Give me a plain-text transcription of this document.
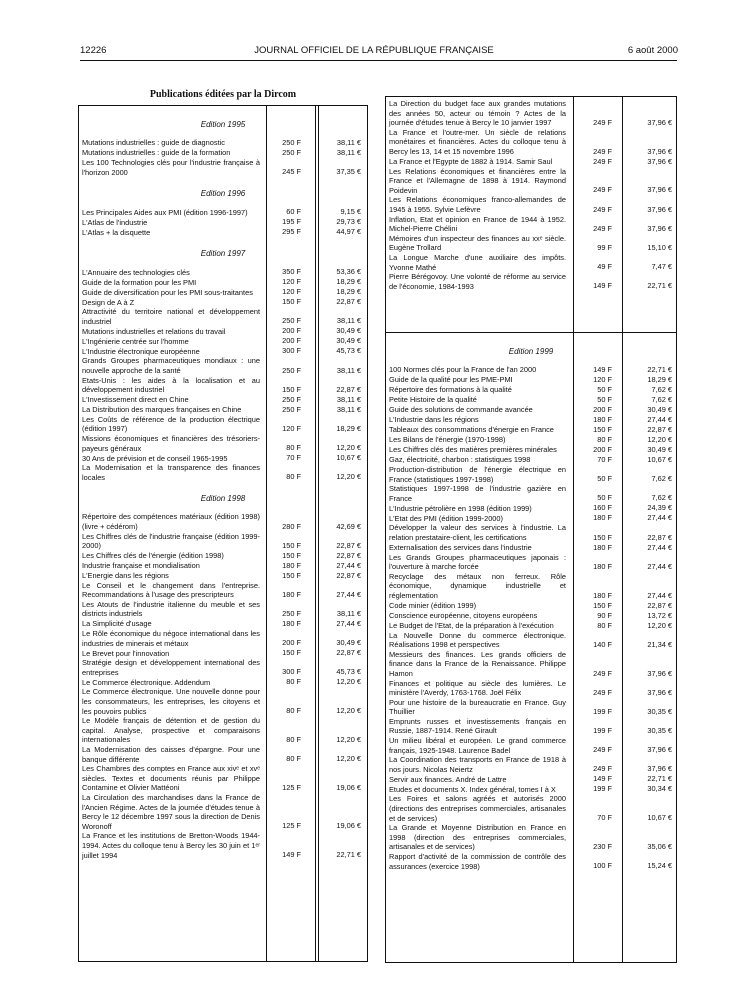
12226	JOURNAL OFFICIEL DE LA RÉPUBLIQUE FRANÇAISE	6 août 2000
Publications éditées par la Dircom
Edition 1995
Mutations industrielles : guide de diagnostic	250 F	38,11 €
Mutations industrielles : guide de la formation	250 F	38,11 €
Les 100 Technologies clés pour l'industrie française à l'horizon 2000	245 F	37,35 €
Edition 1996
Les Principales Aides aux PMI (édition 1996-1997)	60 F	9,15 €
L'Atlas de l'industrie	195 F	29,73 €
L'Atlas + la disquette	295 F	44,97 €
Edition 1997
L'Annuaire des technologies clés	350 F	53,36 €
Guide de la formation pour les PMI	120 F	18,29 €
Guide de diversification pour les PMI sous-traitantes	120 F	18,29 €
Design de A à Z	150 F	22,87 €
Attractivité du territoire national et développement industriel	250 F	38,11 €
Mutations industrielles et relations du travail	200 F	30,49 €
L'Ingénierie centrée sur l'homme	200 F	30,49 €
L'Industrie électronique européenne	300 F	45,73 €
Grands Groupes pharmaceutiques mondiaux : une nouvelle approche de la santé	250 F	38,11 €
Etats-Unis : les aides à la localisation et au développement industriel	150 F	22,87 €
L'Investissement direct en Chine	250 F	38,11 €
La Distribution des marques françaises en Chine	250 F	38,11 €
Les Coûts de référence de la production électrique (édition 1997)	120 F	18,29 €
Missions économiques et financières des trésoriers-payeurs généraux	80 F	12,20 €
30 Ans de prévision et de conseil 1965-1995	70 F	10,67 €
La Modernisation et la transparence des finances locales	80 F	12,20 €
Edition 1998
Répertoire des compétences matériaux (édition 1998) (livre + cédérom)	280 F	42,69 €
Les Chiffres clés de l'industrie française (édition 1999-2000)	150 F	22,87 €
Les Chiffres clés de l'énergie (édition 1998)	150 F	22,87 €
Industrie française et mondialisation	180 F	27,44 €
L'Energie dans les régions	150 F	22,87 €
Le Conseil et le changement dans l'entreprise. Recommandations à l'usage des prescripteurs	180 F	27,44 €
Les Atouts de l'industrie italienne du meuble et ses districts industriels	250 F	38,11 €
La Simplicité d'usage	180 F	27,44 €
Le Rôle économique du négoce international dans les industries de minerais et métaux	200 F	30,49 €
Le Brevet pour l'innovation	150 F	22,87 €
Stratégie design et développement international des entreprises	300 F	45,73 €
Le Commerce électronique. Addendum	80 F	12,20 €
Le Commerce électronique. Une nouvelle donne pour les consommateurs, les entreprises, les citoyens et les pouvoirs publics	80 F	12,20 €
Le Modèle français de détention et de gestion du capital. Analyse, prospective et comparaisons internationales	80 F	12,20 €
La Modernisation des caisses d'épargne. Pour une banque différente	80 F	12,20 €
Les Chambres des comptes en France aux xivᵉ et xvᵉ siècles. Textes et documents réunis par Philippe Contamine et Olivier Mattéoni	125 F	19,06 €
La Circulation des marchandises dans la France de l'Ancien Régime. Actes de la journée d'études tenue à Bercy le 12 décembre 1997 sous la direction de Denis Woronoff	125 F	19,06 €
La France et les institutions de Bretton-Woods 1944-1994. Actes du colloque tenu à Bercy les 30 juin et 1ᵉʳ juillet 1994	149 F	22,71 €
La Direction du budget face aux grandes mutations des années 50, acteur ou témoin ? Actes de la journée d'études tenue à Bercy le 10 janvier 1997	249 F	37,96 €
La France et l'outre-mer. Un siècle de relations monétaires et financières. Actes du colloque tenu à Bercy les 13, 14 et 15 novembre 1996	249 F	37,96 €
La France et l'Egypte de 1882 à 1914. Samir Saul	249 F	37,96 €
Les Relations économiques et financières entre la France et l'Allemagne de 1898 à 1914. Raymond Poidevin	249 F	37,96 €
Les Relations économiques franco-allemandes de 1945 à 1955. Sylvie Lefèvre	249 F	37,96 €
Inflation, Etat et opinion en France de 1944 à 1952. Michel-Pierre Chélini	249 F	37,96 €
Mémoires d'un inspecteur des finances au xxᵉ siècle. Eugène Trollard	99 F	15,10 €
La Longue Marche d'une auxiliaire des impôts. Yvonne Mathé	49 F	7,47 €
Pierre Bérégovoy. Une volonté de réforme au service de l'économie, 1984-1993	149 F	22,71 €
Edition 1999
100 Normes clés pour la France de l'an 2000	149 F	22,71 €
Guide de la qualité pour les PME-PMI	120 F	18,29 €
Répertoire des formations à la qualité	50 F	7,62 €
Petite Histoire de la qualité	50 F	7,62 €
Guide des solutions de commande avancée	200 F	30,49 €
L'Industrie dans les régions	180 F	27,44 €
Tableaux des consommations d'énergie en France	150 F	22,87 €
Les Bilans de l'énergie (1970-1998)	80 F	12,20 €
Les Chiffres clés des matières premières minérales	200 F	30,49 €
Gaz, électricité, charbon : statistiques 1998	70 F	10,67 €
Production-distribution de l'énergie électrique en France (statistiques 1997-1998)	50 F	7,62 €
Statistiques 1997-1998 de l'industrie gazière en France	50 F	7,62 €
L'Industrie pétrolière en 1998 (édition 1999)	160 F	24,39 €
L'Etat des PMI (édition 1999-2000)	180 F	27,44 €
Développer la valeur des services à l'industrie. La relation prestataire-client, les certifications	150 F	22,87 €
Externalisation des services dans l'industrie	180 F	27,44 €
Les Grands Groupes pharmaceutiques japonais : l'ouverture à marche forcée	180 F	27,44 €
Recyclage des métaux non ferreux. Rôle économique, dynamique industrielle et réglementation	180 F	27,44 €
Code minier (édition 1999)	150 F	22,87 €
Conscience européenne, citoyens européens	90 F	13,72 €
Le Budget de l'Etat, de la préparation à l'exécution	80 F	12,20 €
La Nouvelle Donne du commerce électronique. Réalisations 1998 et perspectives	140 F	21,34 €
Messieurs des finances. Les grands officiers de finance dans la France de la Renaissance. Philippe Hamon	249 F	37,96 €
Finances et politique au siècle des lumières. Le ministère l'Averdy, 1763-1768. Joël Félix	249 F	37,96 €
Pour une histoire de la bureaucratie en France. Guy Thuillier	199 F	30,35 €
Emprunts russes et investissements français en Russie, 1887-1914. René Girault	199 F	30,35 €
Un milieu libéral et européen. Le grand commerce français, 1925-1948. Laurence Badel	249 F	37,96 €
La Coordination des transports en France de 1918 à nos jours. Nicolas Neiertz	249 F	37,96 €
Servir aux finances. André de Lattre	149 F	22,71 €
Etudes et documents X. Index général, tomes I à X	199 F	30,34 €
Les Foires et salons agréés et autorisés 2000 (directions des entreprises commerciales, artisanales et de services)	70 F	10,67 €
La Grande et Moyenne Distribution en France en 1998 (direction des entreprises commerciales, artisanales et de services)	230 F	35,06 €
Rapport d'activité de la commission de contrôle des assurances (exercice 1998)	100 F	15,24 €
